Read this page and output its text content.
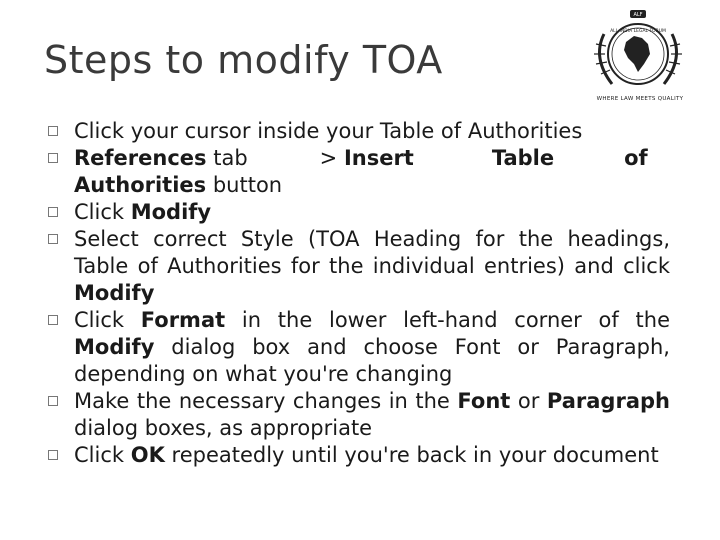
Steps to modify TOA
ALF
ALL INDIA LEGAL FORUM
WHERE LAW MEETS QUALITY

Click your cursor inside your Table of Authorities

References tab	> Insert	Table	of
Authorities button

Click Modify

Select correct Style (TOA Heading for the headings, Table of Authorities for the individual entries) and click Modify

Click Format in the lower left-hand corner of the Modify dialog box and choose Font or Paragraph, depending on what you're changing

Make the necessary changes in the Font or Paragraph dialog boxes, as appropriate

Click OK repeatedly until you're back in your document
